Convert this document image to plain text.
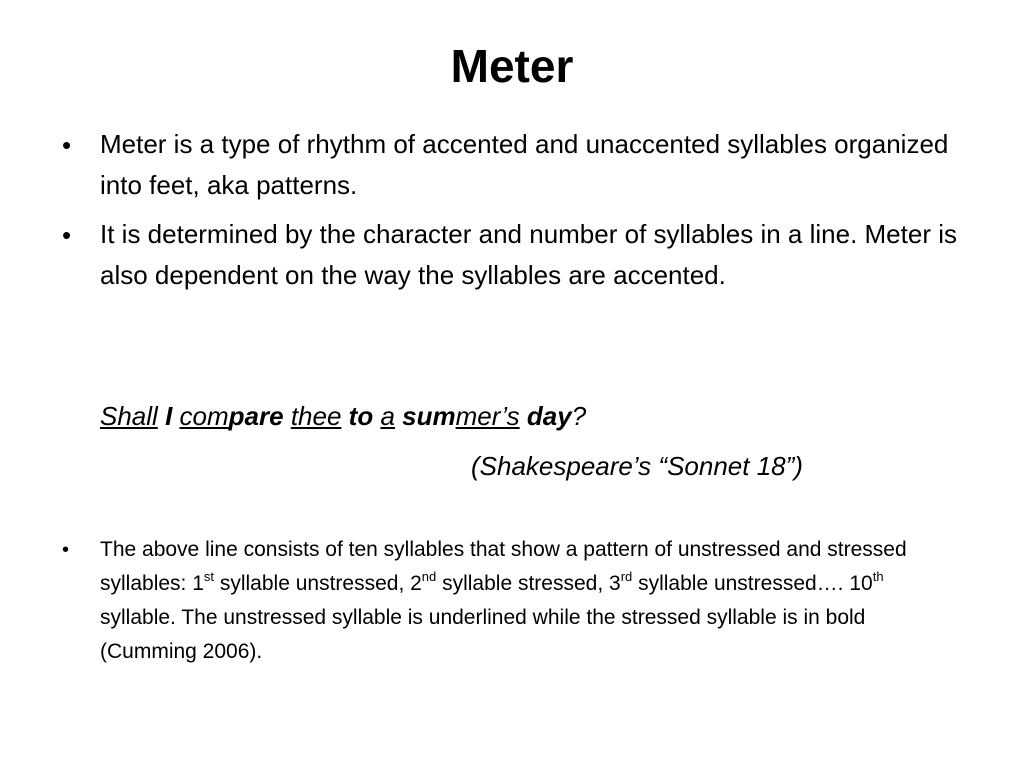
Meter
• Meter is a type of rhythm of accented and unaccented syllables organized into feet, aka patterns.
• It is determined by the character and number of syllables in a line. Meter is also dependent on the way the syllables are accented.
Shall I compare thee to a summer’s day?
(Shakespeare’s “Sonnet 18”)
• The above line consists of ten syllables that show a pattern of unstressed and stressed syllables: 1st syllable unstressed, 2nd syllable stressed, 3rd syllable unstressed…. 10th syllable. The unstressed syllable is underlined while the stressed syllable is in bold (Cumming 2006).
